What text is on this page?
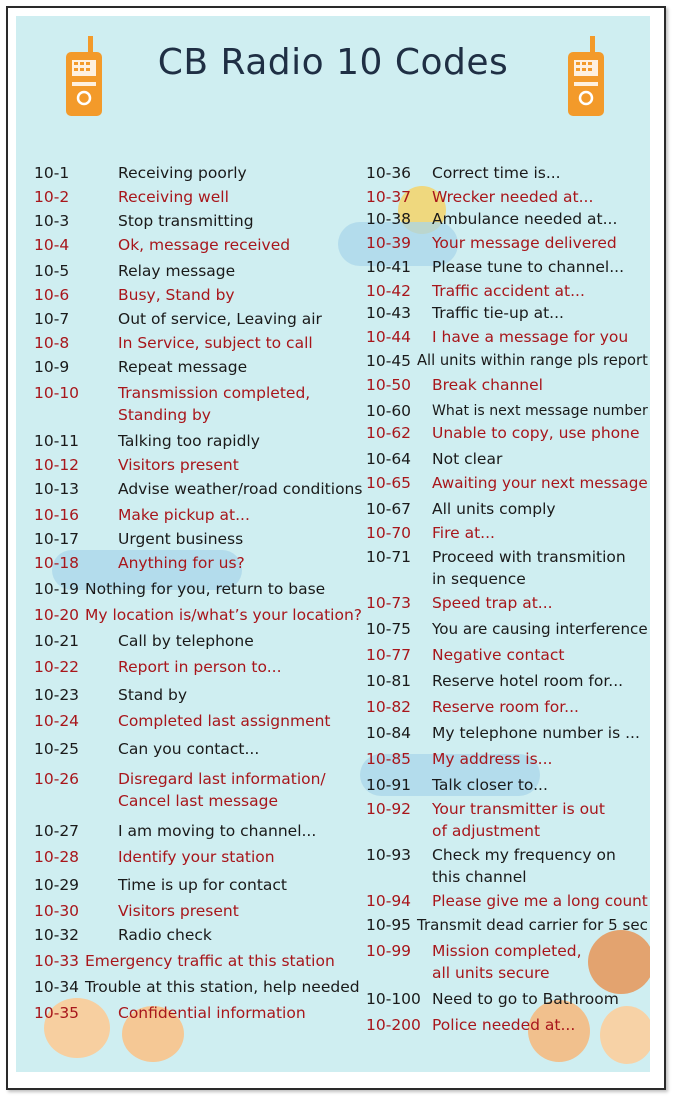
CB Radio 10 Codes
10-1	Receiving poorly
10-2	Receiving well
10-3	Stop transmitting
10-4	Ok, message received
10-5	Relay message
10-6	Busy, Stand by
10-7	Out of service, Leaving air
10-8	In Service, subject to call
10-9	Repeat message
10-10	Transmission completed,
Standing by
10-11	Talking too rapidly
10-12	Visitors present
10-13	Advise weather/road conditions
10-16	Make pickup at...
10-17	Urgent business
10-18	Anything for us?
10-19 Nothing for you, return to base
10-20 My location is/what’s your location?
10-21	Call by telephone
10-22	Report in person to...
10-23	Stand by
10-24	Completed last assignment
10-25	Can you contact...
10-26	Disregard last information/
Cancel last message
10-27	I am moving to channel...
10-28	Identify your station
10-29	Time is up for contact
10-30	Visitors present
10-32	Radio check
10-33 Emergency traffic at this station
10-34 Trouble at this station, help needed
10-35	Confidential information
10-36 Correct time is...
10-37 Wrecker needed at...
10-38 Ambulance needed at...
10-39 Your message delivered
10-41 Please tune to channel...
10-42 Traffic accident at...
10-43 Traffic tie-up at...
10-44 I have a message for you
10-45 All units within range pls report
10-50 Break channel
10-60 What is next message number
10-62 Unable to copy, use phone
10-64 Not clear
10-65 Awaiting your next message
10-67 All units comply
10-70 Fire at...
10-71 Proceed with transmition
in sequence
10-73 Speed trap at...
10-75 You are causing interference
10-77 Negative contact
10-81 Reserve hotel room for...
10-82 Reserve room for...
10-84 My telephone number is ...
10-85 My address is...
10-91 Talk closer to...
10-92 Your transmitter is out
of adjustment
10-93 Check my frequency on
this channel
10-94 Please give me a long count
10-95 Transmit dead carrier for 5 sec
10-99 Mission completed,
all units secure
10-100 Need to go to Bathroom
10-200 Police needed at...
